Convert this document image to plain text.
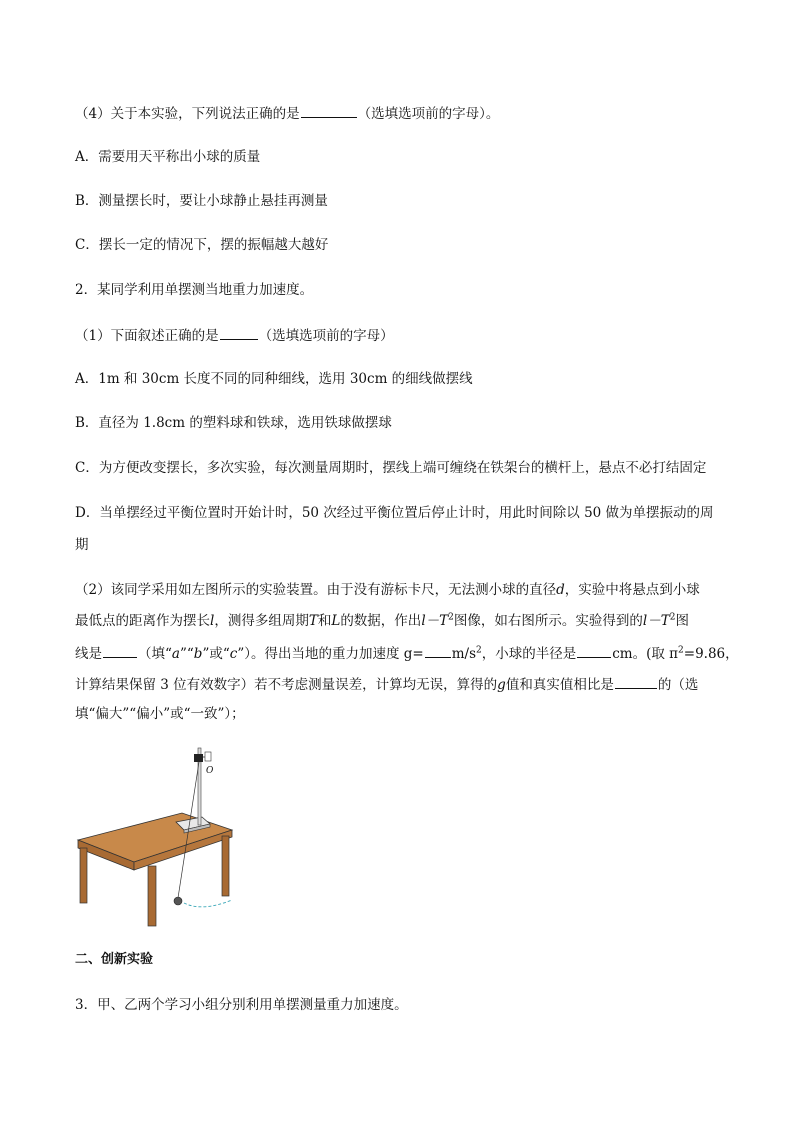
（4）关于本实验，下列说法正确的是	（选填选项前的字母）。
A．需要用天平称出小球的质量
B．测量摆长时，要让小球静止悬挂再测量
C．摆长一定的情况下，摆的振幅越大越好
2．某同学利用单摆测当地重力加速度。
（1）下面叙述正确的是	（选填选项前的字母）
A．1m 和 30cm 长度不同的同种细线，选用 30cm 的细线做摆线
B．直径为 1.8cm 的塑料球和铁球，选用铁球做摆球
C．为方便改变摆长，多次实验，每次测量周期时，摆线上端可缠绕在铁架台的横杆上，悬点不必打结固定
D．当单摆经过平衡位置时开始计时，50 次经过平衡位置后停止计时，用此时间除以 50 做为单摆振动的周
期
（2）该同学采用如左图所示的实验装置。由于没有游标卡尺，无法测小球的直径d，实验中将悬点到小球
最低点的距离作为摆长l，测得多组周期T和L的数据，作出$l-T^2$图像，如右图所示。实验得到的$l-T^2$图
线是	（填“a”“b”或“c”）。得出当地的重力加速度 $g= m/s^2$，小球的半径是	cm。(取 $\pi^2=9.86$，
计算结果保留 3 位有效数字）若不考虑测量误差，计算均无误，算得的g值和真实值相比是	的（选
填“偏大”“偏小”或“一致”）；
O
二、创新实验
3．甲、乙两个学习小组分别利用单摆测量重力加速度。
